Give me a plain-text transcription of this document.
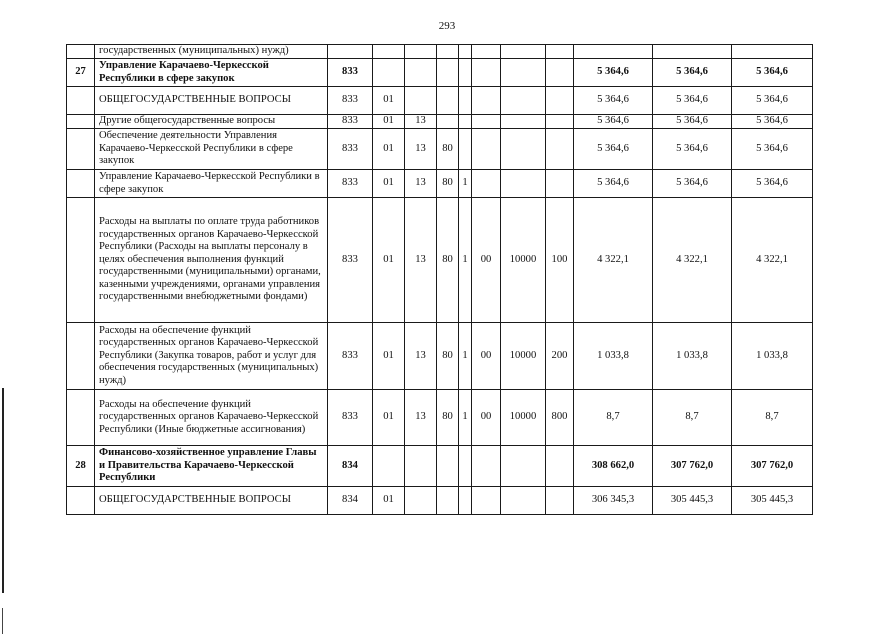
293
	государственных (муниципальных) нужд)											
27	Управление Карачаево-Черкесской Республики в сфере закупок	833								5 364,6	5 364,6	5 364,6
	ОБЩЕГОСУДАРСТВЕННЫЕ ВОПРОСЫ	833	01							5 364,6	5 364,6	5 364,6
	Другие общегосударственные вопросы	833	01	13						5 364,6	5 364,6	5 364,6
	Обеспечение деятельности Управления Карачаево-Черкесской Республики в сфере закупок	833	01	13	80					5 364,6	5 364,6	5 364,6
	Управление Карачаево-Черкесской Республики в сфере закупок	833	01	13	80	1				5 364,6	5 364,6	5 364,6
	Расходы на выплаты по оплате труда работников государственных органов Карачаево-Черкесской Республики (Расходы на выплаты персоналу в целях обеспечения выполнения функций государственными (муниципальными) органами, казенными учреждениями, органами управления государственными внебюджетными фондами)	833	01	13	80	1	00	10000	100	4 322,1	4 322,1	4 322,1
	Расходы на обеспечение функций государственных органов Карачаево-Черкесской Республики (Закупка товаров, работ и услуг для обеспечения государственных (муниципальных) нужд)	833	01	13	80	1	00	10000	200	1 033,8	1 033,8	1 033,8
	Расходы на обеспечение функций государственных органов Карачаево-Черкесской Республики (Иные бюджетные ассигнования)	833	01	13	80	1	00	10000	800	8,7	8,7	8,7
28	Финансово-хозяйственное управление Главы и Правительства Карачаево-Черкесской Республики	834								308 662,0	307 762,0	307 762,0
	ОБЩЕГОСУДАРСТВЕННЫЕ ВОПРОСЫ	834	01							306 345,3	305 445,3	305 445,3
